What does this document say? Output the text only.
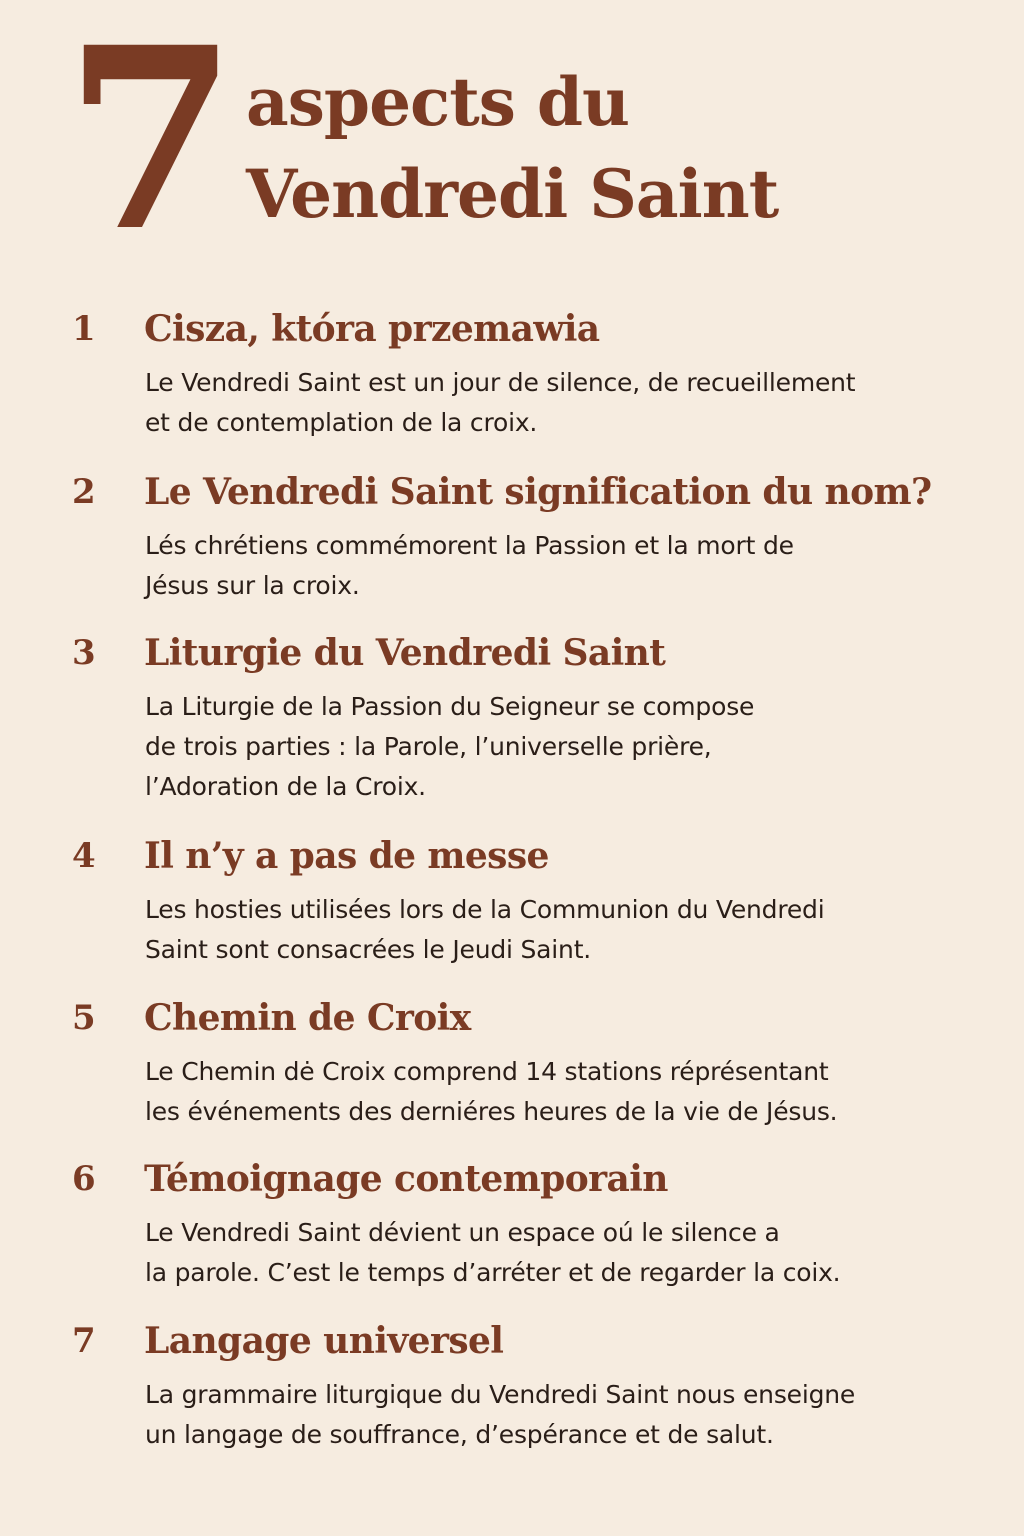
7 aspects du
Vendredi Saint
1	Cisza, która przemawia

Le Vendredi Saint est un jour de silence, de recueillement
et de contemplation de la croix.

2	Le Vendredi Saint signification du nom?

Lés chrétiens commémorent la Passion et la mort de
Jésus sur la croix.

3	Liturgie du Vendredi Saint

La Liturgie de la Passion du Seigneur se compose
de trois parties : la Parole, l’universelle prière,
l’Adoration de la Croix.

4	Il n’y a pas de messe

Les hosties utilisées lors de la Communion du Vendredi
Saint sont consacrées le Jeudi Saint.

5	Chemin de Croix

Le Chemin dė Croix comprend 14 stations réprésentant
les événements des derniéres heures de la vie de Jésus.

6	Témoignage contemporain

Le Vendredi Saint dévient un espace οú le silence a
la parole. C’est le temps d’arréter et de regarder la coix.

7	Langage universel

La grammaire liturgique du Vendredi Saint nous enseigne
un langage de souffrance, d’espérance et de salut.
